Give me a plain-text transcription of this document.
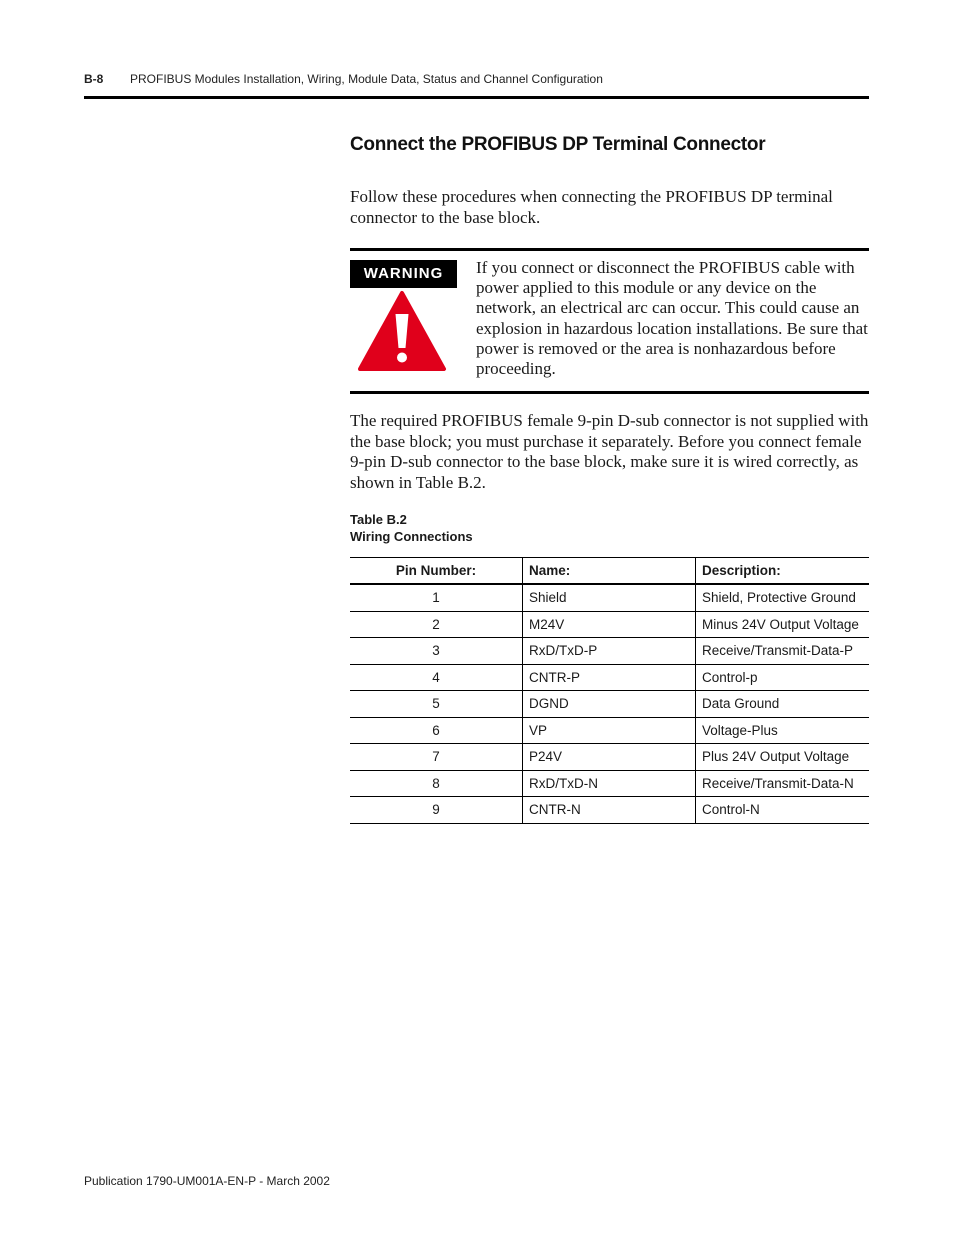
B-8 PROFIBUS Modules Installation, Wiring, Module Data, Status and Channel Configuration
Connect the PROFIBUS DP Terminal Connector
Follow these procedures when connecting the PROFIBUS DP terminal connector to the base block.
WARNING	If you connect or disconnect the PROFIBUS cable with power applied to this module or any device on the network, an electrical arc can occur. This could cause an explosion in hazardous location installations. Be sure that power is removed or the area is nonhazardous before proceeding.
The required PROFIBUS female 9-pin D-sub connector is not supplied with the base block; you must purchase it separately. Before you connect female 9-pin D-sub connector to the base block, make sure it is wired correctly, as shown in Table B.2.
Table B.2
Wiring Connections
Pin Number:	Name:	Description:
1	Shield	Shield, Protective Ground
2	M24V	Minus 24V Output Voltage
3	RxD/TxD-P	Receive/Transmit-Data-P
4	CNTR-P	Control-p
5	DGND	Data Ground
6	VP	Voltage-Plus
7	P24V	Plus 24V Output Voltage
8	RxD/TxD-N	Receive/Transmit-Data-N
9	CNTR-N	Control-N
Publication 1790-UM001A-EN-P - March 2002
